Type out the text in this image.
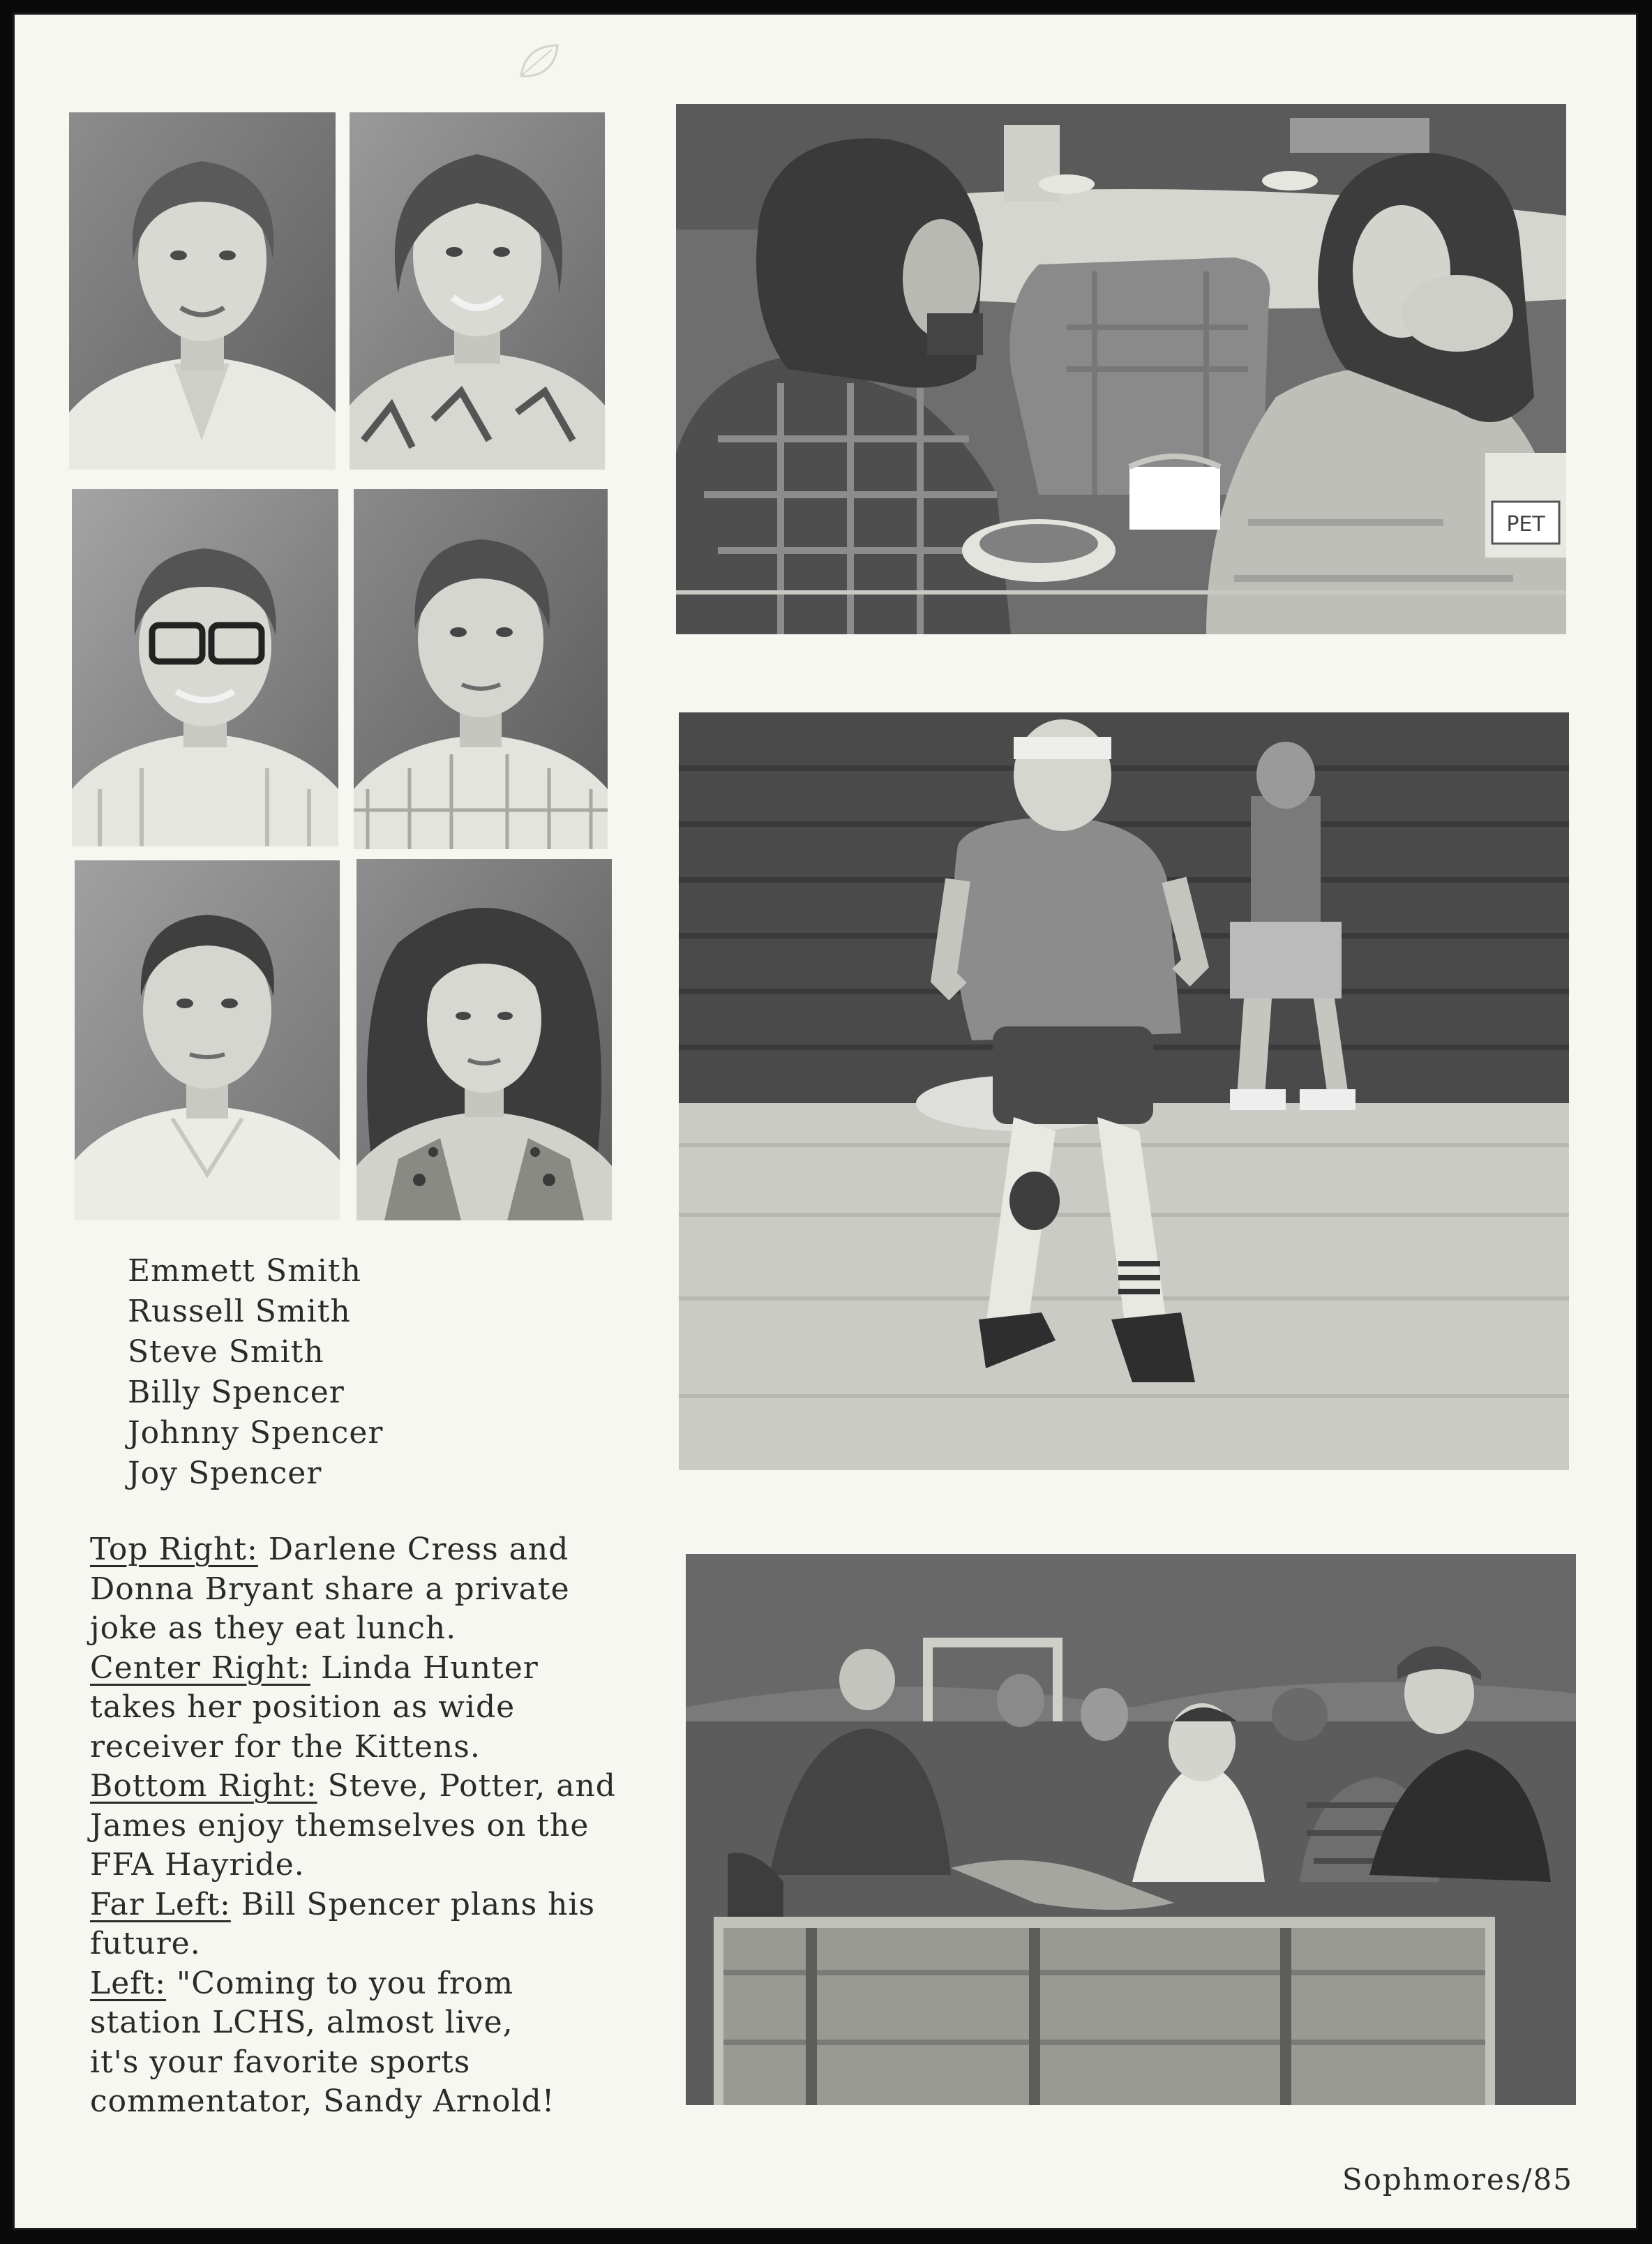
PET
Emmett Smith
Russell Smith
Steve Smith
Billy Spencer
Johnny Spencer
Joy Spencer
Top Right: Darlene Cress and
Donna Bryant share a private
joke as they eat lunch.
Center Right: Linda Hunter
takes her position as wide
receiver for the Kittens.
Bottom Right: Steve, Potter, and
James enjoy themselves on the
FFA Hayride.
Far Left: Bill Spencer plans his
future.
Left: "Coming to you from
station LCHS, almost live,
it's your favorite sports
commentator, Sandy Arnold!
Sophmores/85
